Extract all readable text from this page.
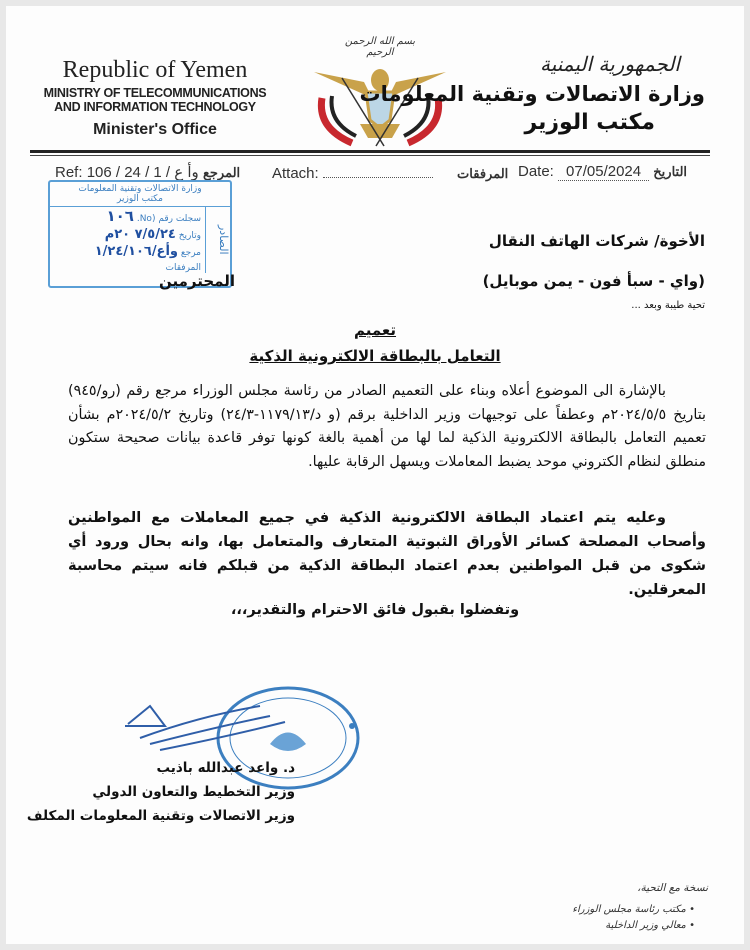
Republic of Yemen
MINISTRY OF TELECOMMUNICATIONS
AND INFORMATION TECHNOLOGY
Minister's Office
بسم الله الرحمن الرحيم	الجمهورية اليمنية
وزارة الاتصالات وتقنية المعلومات
مكتب الوزير
Ref: 106 / 24 / 1 / وأ ع المرجع Attach:	المرفقات Date: 07/05/2024 التاريخ
وزارة الاتصالات وتقنية المعلومات
مكتب الوزير
الصادر
سجلت رقم (No. ١٠٦
وتاريخ ٧/٥/٢٤ ٢٠م
مرجع وأع/١/٢٤/١٠٦
المرفقات
الأخوة/ شركات الهاتف النقال
(واي - سبأ فون - يمن موبايل)
المحترمين
تحية طيبة وبعد ...
تعميم
التعامل بالبطاقة الالكترونية الذكية
بالإشارة الى الموضوع أعلاه وبناء على التعميم الصادر من رئاسة مجلس الوزراء مرجع رقم (رو/٩٤٥) بتاريخ ٢٠٢٤/٥/٥م وعطفاً على توجيهات وزير الداخلية برقم (و د/١١٧٩/١٣-٢٤/٣) وتاريخ ٢٠٢٤/٥/٢م بشأن تعميم التعامل بالبطاقة الالكترونية الذكية لما لها من أهمية بالغة كونها توفر قاعدة بيانات صحيحة ستكون منطلق لنظام الكتروني موحد يضبط المعاملات ويسهل الرقابة عليها.
وعليه يتم اعتماد البطاقة الالكترونية الذكية في جميع المعاملات مع المواطنين وأصحاب المصلحة كسائر الأوراق الثبوتية المتعارف والمتعامل بها، وانه بحال ورود أي شكوى من قبل المواطنين بعدم اعتماد البطاقة الذكية من قبلكم فانه سيتم محاسبة المعرقلين.
وتفضلوا بقبول فائق الاحترام والتقدير،،،
د. واعد عبدالله باذيب
وزير التخطيط والتعاون الدولي
وزير الاتصالات وتقنية المعلومات المكلف
نسخة مع التحية،
• مكتب رئاسة مجلس الوزراء
• معالي وزير الداخلية
